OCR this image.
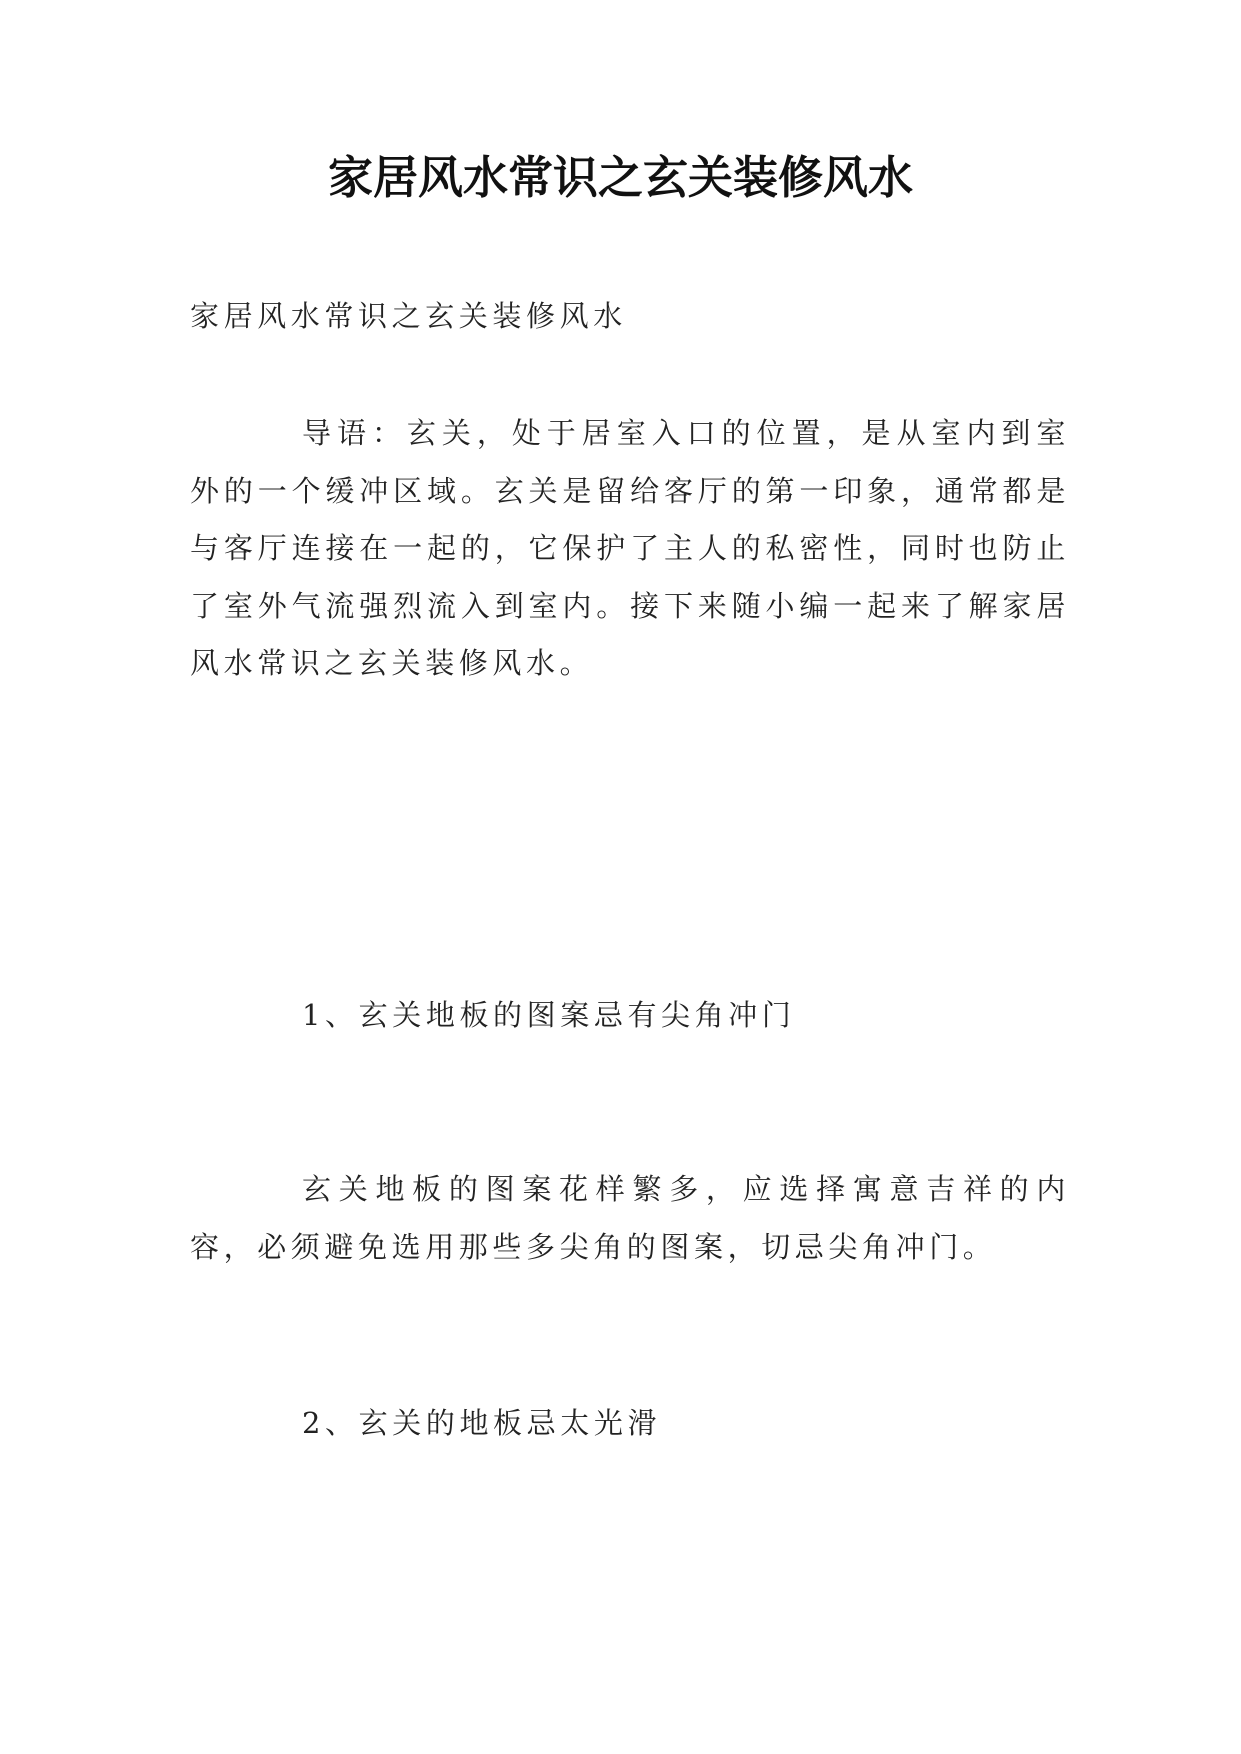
家居风水常识之玄关装修风水

家居风水常识之玄关装修风水

导语：玄关，处于居室入口的位置，是从室内到室外的一个缓冲区域。玄关是留给客厅的第一印象，通常都是与客厅连接在一起的，它保护了主人的私密性，同时也防止了室外气流强烈流入到室内。接下来随小编一起来了解家居风水常识之玄关装修风水。

1、玄关地板的图案忌有尖角冲门

玄关地板的图案花样繁多，应选择寓意吉祥的内容，必须避免选用那些多尖角的图案，切忌尖角冲门。

2、玄关的地板忌太光滑
